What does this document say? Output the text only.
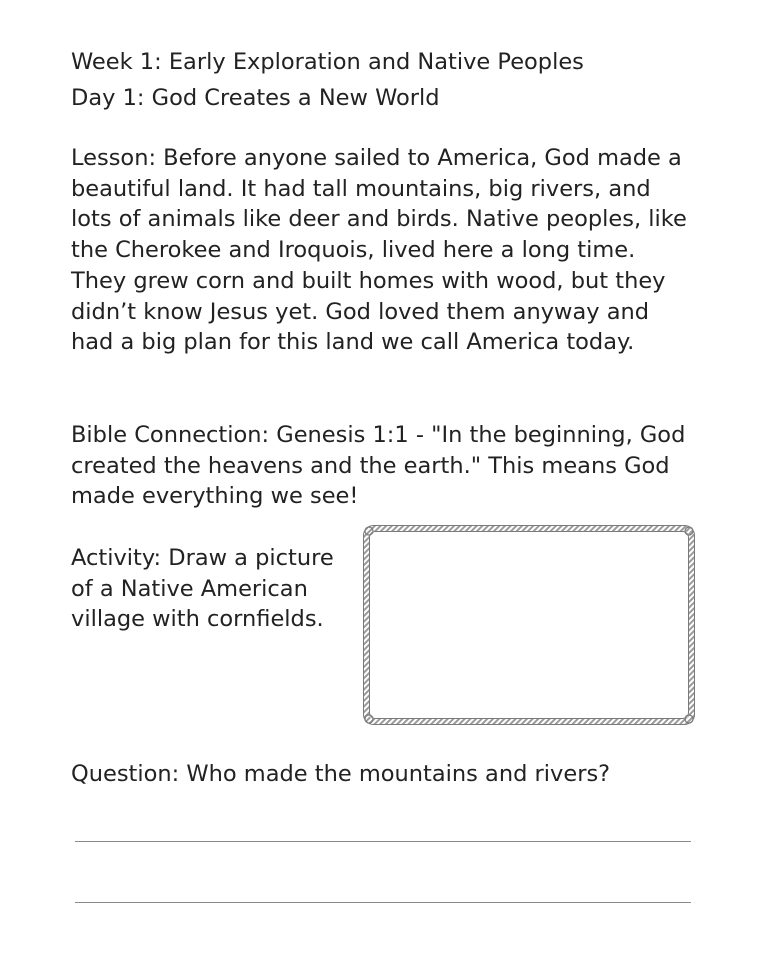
Week 1: Early Exploration and Native Peoples

Day 1: God Creates a New World

Lesson: Before anyone sailed to America, God made a beautiful land. It had tall mountains, big rivers, and lots of animals like deer and birds. Native peoples, like the Cherokee and Iroquois, lived here a long time. They grew corn and built homes with wood, but they didn’t know Jesus yet. God loved them anyway and had a big plan for this land we call America today.

Bible Connection: Genesis 1:1 - "In the beginning, God created the heavens and the earth." This means God made everything we see!

Activity: Draw a picture of a Native American village with cornfields.

Question: Who made the mountains and rivers?
